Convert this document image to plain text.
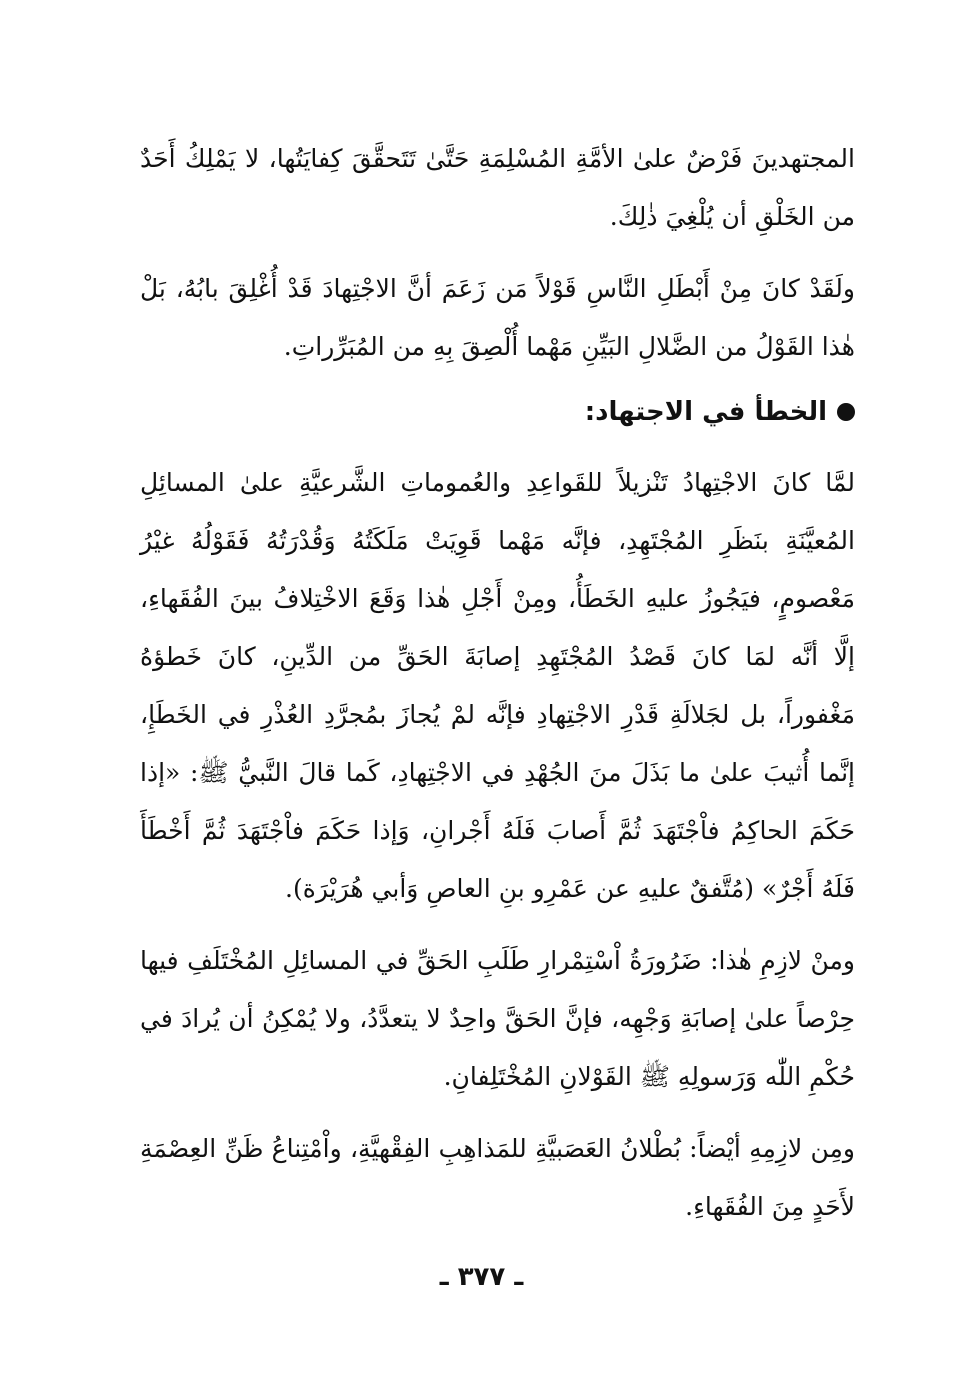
المجتهدينَ فَرْضٌ علىٰ الأمَّةِ المُسْلِمَةِ حَتَّىٰ تَتَحقَّقَ كِفايَتُها، لا يَمْلِكُ أَحَدٌ من الخَلْقِ أن يُلْغِيَ ذٰلِكَ.

ولَقَدْ كانَ مِنْ أَبْطَلِ النَّاسِ قَوْلاً مَن زَعَمَ أنَّ الاجْتِهادَ قَدْ أُغْلِقَ بابُهُ، بَلْ هٰذا القَوْلُ من الضَّلالِ البَيِّنِ مَهْما أُلْصِقَ بِهِ من المُبَرِّراتِ.

الخطأ في الاجتهاد:

لمَّا كانَ الاجْتِهادُ تَنْزيلاً للقَواعِدِ والعُموماتِ الشَّرعيَّةِ علىٰ المسائِلِ المُعيَّنَةِ بنَظَرِ المُجْتَهِدِ، فإنَّه مَهْما قَوِيَتْ مَلَكَتُهُ وَقُدْرَتُهُ فَقَوْلُهُ غيْرُ مَعْصومٍ، فيَجُوزُ عليهِ الخَطَأُ، ومِنْ أَجْلِ هٰذا وَقَعَ الاخْتِلافُ بينَ الفُقَهاءِ، إلَّا أنَّه لمَا كانَ قَصْدُ المُجْتَهِدِ إصابَةَ الحَقِّ من الدِّينِ، كانَ خَطؤهُ مَغْفوراً، بل لجَلالَةِ قَدْرِ الاجْتِهادِ فإنَّه لمْ يُجازَ بمُجرَّدِ العُذْرِ في الخَطَإِ، إنَّما أُثيبَ علىٰ ما بَذَلَ منَ الجُهْدِ في الاجْتِهادِ، كَما قالَ النَّبيُّ ﷺ: «إذا حَكَمَ الحاكِمُ فاْجْتَهَدَ ثُمَّ أَصابَ فَلَهُ أَجْرانِ، وَإذا حَكَمَ فاْجْتَهَدَ ثُمَّ أَخْطَأَ فَلَهُ أَجْرٌ» (مُتَّفقٌ عليهِ عن عَمْرِو بنِ العاصِ وَأبي هُرَيْرَة).

ومنْ لازِمِ هٰذا: ضَرُورَةُ اْسْتِمْرارِ طَلَبِ الحَقِّ في المسائِلِ المُخْتَلَفِ فيها حِرْصاً علىٰ إصابَةِ وَجْهِه، فإنَّ الحَقَّ واحِدٌ لا يتعدَّدُ، ولا يُمْكِنُ أن يُرادَ في حُكْمِ اللّٰه وَرَسولِهِ ﷺ القَوْلانِ المُخْتَلِفانِ.

ومِن لازِمِهِ أيْضاً: بُطْلانُ العَصَبيَّةِ للمَذاهِبِ الفِقْهيَّةِ، واْمْتِناعُ ظَنِّ العِصْمَةِ لأَحَدٍ مِنَ الفُقَهاءِ.

ـ ٣٧٧ ـ
